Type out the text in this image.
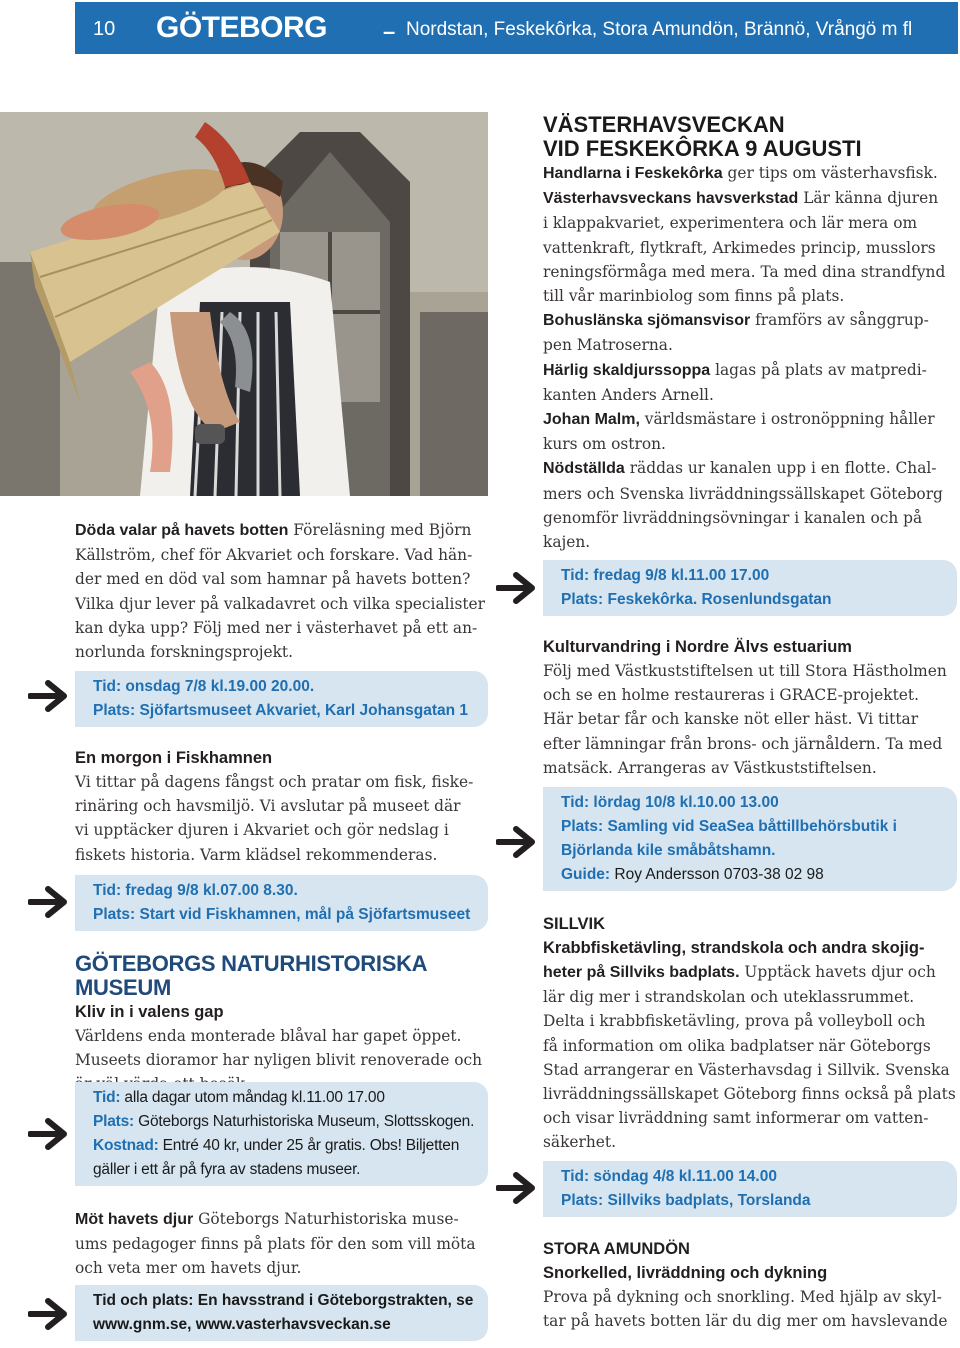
10 GÖTEBORG	– Nordstan, Feskekôrka, Stora Amundön, Brännö, Vrångö m fl
Döda valar på havets botten Föreläsning med Björn
Källström, chef för Akvariet och forskare. Vad hän-
der med en död val som hamnar på havets botten?
Vilka djur lever på valkadavret och vilka specialister
kan dyka upp? Följ med ner i västerhavet på ett an-
norlunda forskningsprojekt.
Tid: onsdag 7/8 kl.19.00 20.00.
Plats: Sjöfartsmuseet Akvariet, Karl Johansgatan 1
En morgon i Fiskhamnen
Vi tittar på dagens fångst och pratar om fisk, fiske-
rinäring och havsmiljö. Vi avslutar på museet där
vi upptäcker djuren i Akvariet och gör nedslag i
fiskets historia. Varm klädsel rekommenderas.
Tid: fredag 9/8 kl.07.00 8.30.
Plats: Start vid Fiskhamnen, mål på Sjöfartsmuseet
GÖTEBORGS NATURHISTORISKA MUSEUM
Kliv in i valens gap
Världens enda monterade blåval har gapet öppet.
Museets dioramor har nyligen blivit renoverade och
Tid: alla dagar utom måndag kl.11.00 17.00
Plats: Göteborgs Naturhistoriska Museum, Slottsskogen.
Kostnad: Entré 40 kr, under 25 år gratis. Obs! Biljetten
gäller i ett år på fyra av stadens museer.
Möt havets djur Göteborgs Naturhistoriska muse-
ums pedagoger finns på plats för den som vill möta
och veta mer om havets djur.
Tid och plats: En havsstrand i Göteborgstrakten, se
www.gnm.se, www.vasterhavsveckan.se
VÄSTERHAVSVECKAN
VID FESKEKÔRKA 9 AUGUSTI
Handlarna i Feskekôrka ger tips om västerhavsfisk.
Västerhavsveckans havsverkstad Lär känna djuren
i klappakvariet, experimentera och lär mera om
vattenkraft, flytkraft, Arkimedes princip, musslors
reningsförmåga med mera. Ta med dina strandfynd
till vår marinbiolog som finns på plats.
Bohuslänska sjömansvisor framförs av sånggrup-
pen Matroserna.
Härlig skaldjurssoppa lagas på plats av matpredi-
kanten Anders Arnell.
Johan Malm, världsmästare i ostronöppning håller
kurs om ostron.
Nödställda räddas ur kanalen upp i en flotte. Chal-
mers och Svenska livräddningssällskapet Göteborg
genomför livräddningsövningar i kanalen och på
kajen.
Tid: fredag 9/8 kl.11.00 17.00
Plats: Feskekôrka. Rosenlundsgatan
Kulturvandring i Nordre Älvs estuarium
Följ med Västkuststiftelsen ut till Stora Hästholmen
och se en holme restaureras i GRACE-projektet.
Här betar får och kanske nöt eller häst. Vi tittar
efter lämningar från brons- och järnåldern. Ta med
matsäck. Arrangeras av Västkuststiftelsen.
Tid: lördag 10/8 kl.10.00 13.00
Plats: Samling vid SeaSea båttillbehörsbutik i
Björlanda kile småbåtshamn.
Guide: Roy Andersson 0703-38 02 98
SILLVIK
Krabbfisketävling, strandskola och andra skojig-
heter på Sillviks badplats. Upptäck havets djur och
lär dig mer i strandskolan och uteklassrummet.
Delta i krabbfisketävling, prova på volleyboll och
få information om olika badplatser när Göteborgs
Stad arrangerar en Västerhavsdag i Sillvik. Svenska
livräddningssällskapet Göteborg finns också på plats
och visar livräddning samt informerar om vatten-
säkerhet.
Tid: söndag 4/8 kl.11.00 14.00
Plats: Sillviks badplats, Torslanda
STORA AMUNDÖN
Snorkelled, livräddning och dykning
Prova på dykning och snorkling. Med hjälp av skyl-
tar på havets botten lär du dig mer om havslevande
